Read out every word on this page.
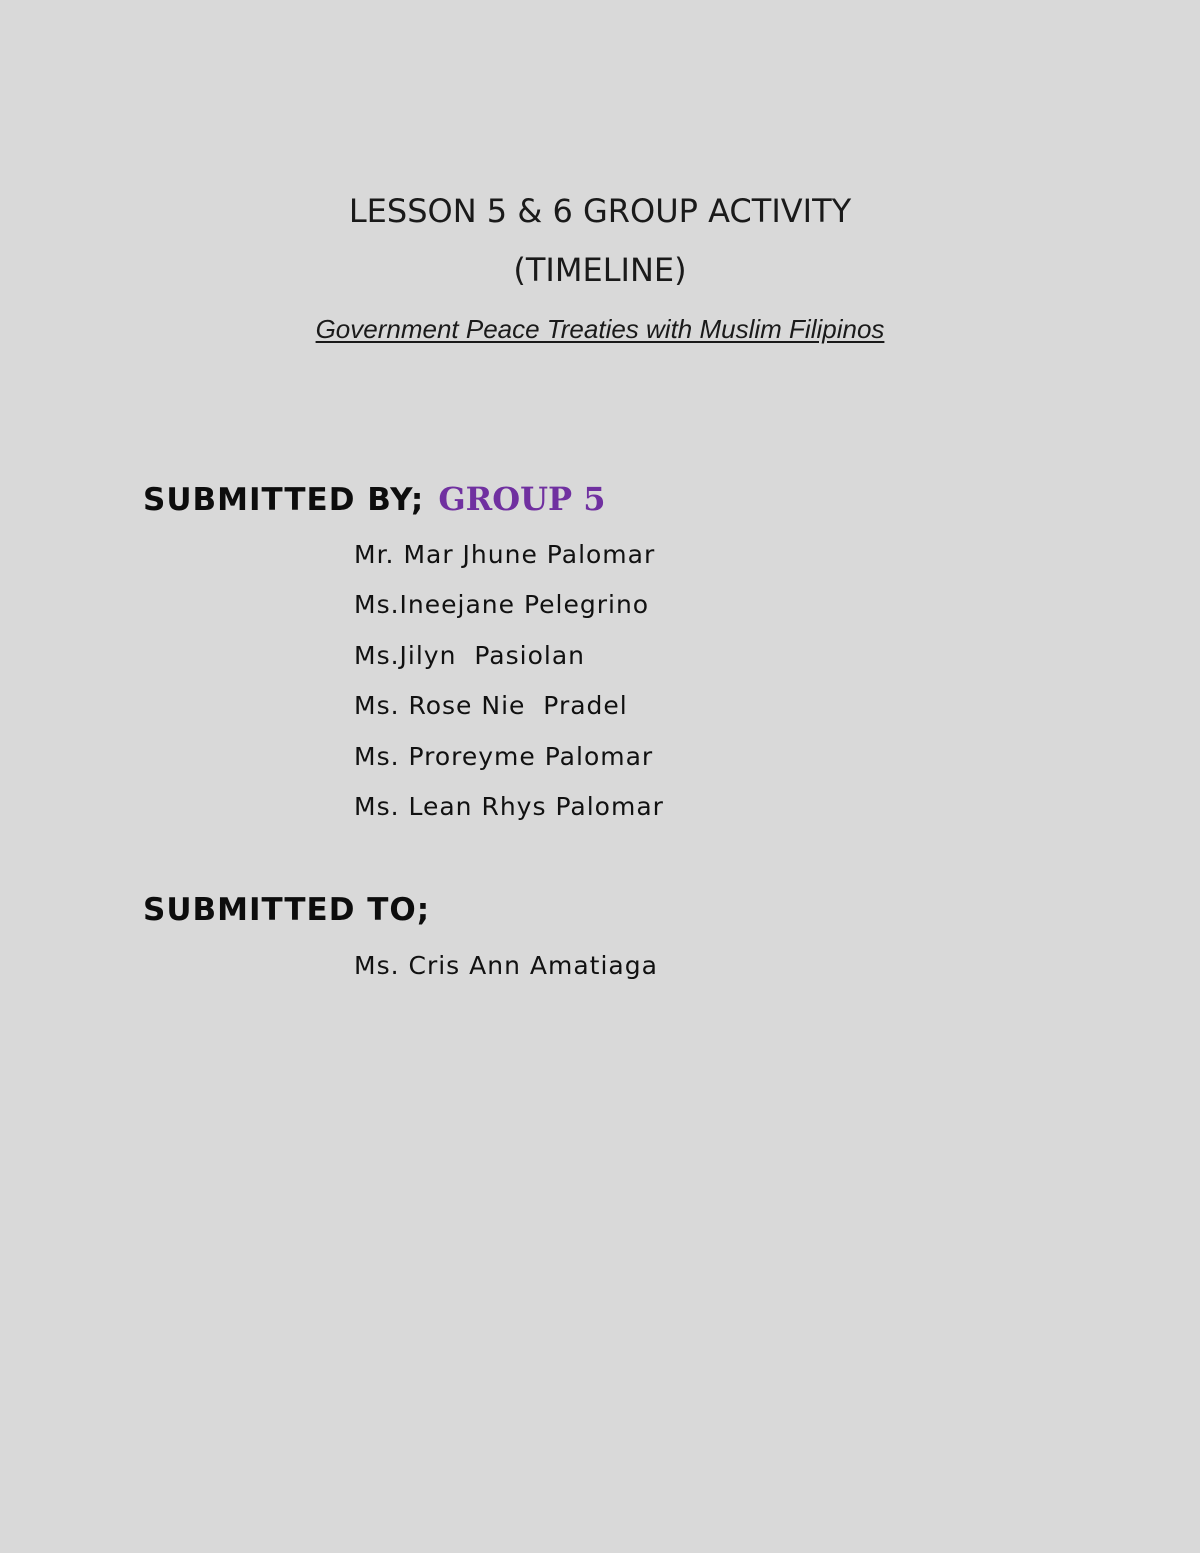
LESSON 5 & 6 GROUP ACTIVITY
(TIMELINE)
Government Peace Treaties with Muslim Filipinos
SUBMITTED BY; GROUP 5
Mr. Mar Jhune Palomar
Ms.Ineejane Pelegrino
Ms.Jilyn  Pasiolan
Ms. Rose Nie  Pradel
Ms. Proreyme Palomar
Ms. Lean Rhys Palomar
SUBMITTED TO;
Ms. Cris Ann Amatiaga
